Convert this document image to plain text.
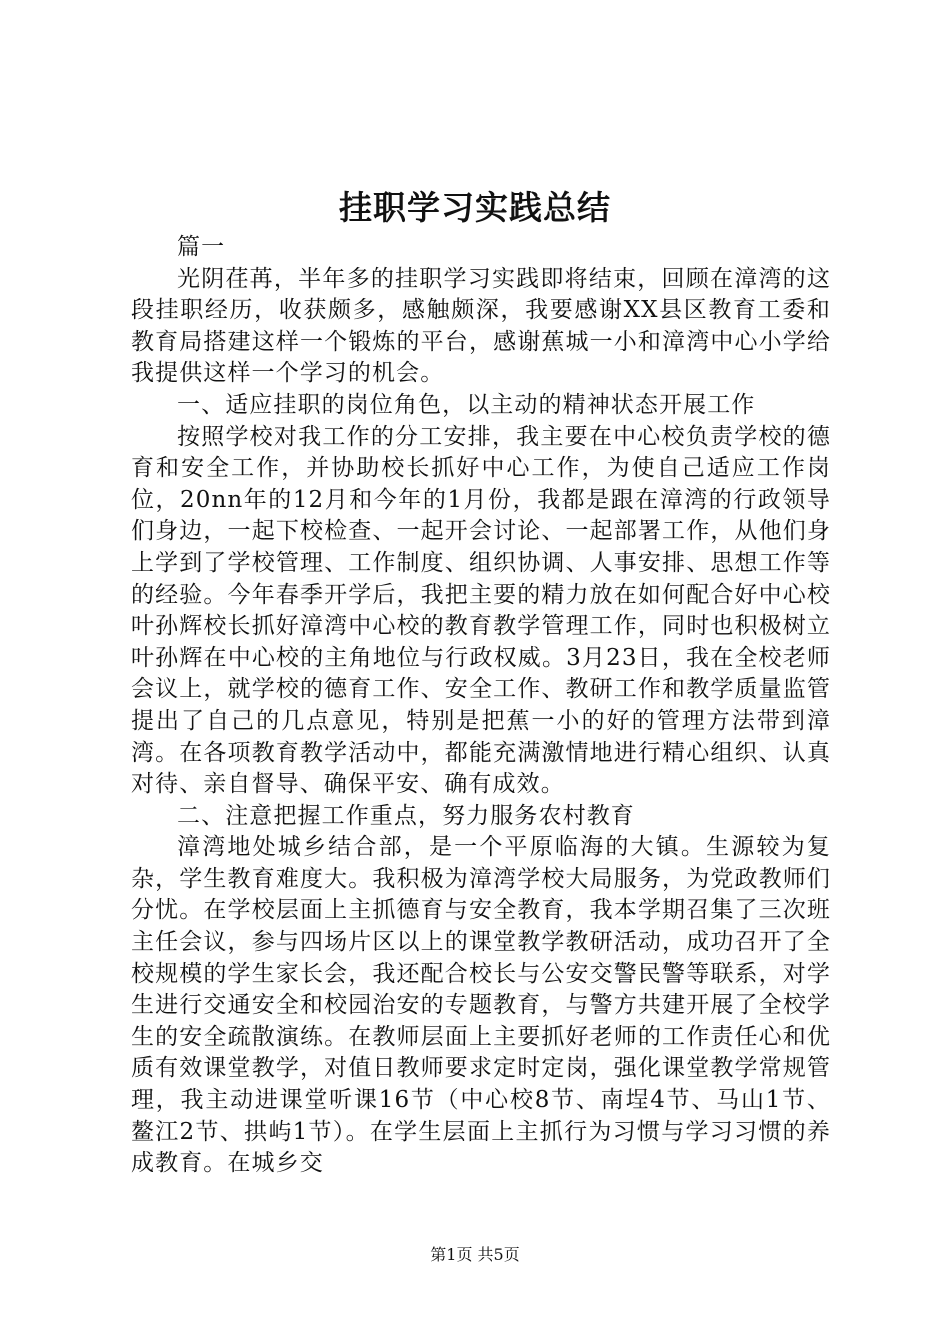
挂职学习实践总结

篇一

光阴荏苒，半年多的挂职学习实践即将结束，回顾在漳湾的这段挂职经历，收获颇多，感触颇深，我要感谢XX县区教育工委和教育局搭建这样一个锻炼的平台，感谢蕉城一小和漳湾中心小学给我提供这样一个学习的机会。

一、适应挂职的岗位角色，以主动的精神状态开展工作

按照学校对我工作的分工安排，我主要在中心校负责学校的德育和安全工作，并协助校长抓好中心工作，为使自己适应工作岗位，20nn年的12月和今年的1月份，我都是跟在漳湾的行政领导们身边，一起下校检查、一起开会讨论、一起部署工作，从他们身上学到了学校管理、工作制度、组织协调、人事安排、思想工作等的经验。今年春季开学后，我把主要的精力放在如何配合好中心校叶孙辉校长抓好漳湾中心校的教育教学管理工作，同时也积极树立叶孙辉在中心校的主角地位与行政权威。3月23日，我在全校老师会议上，就学校的德育工作、安全工作、教研工作和教学质量监管提出了自己的几点意见，特别是把蕉一小的好的管理方法带到漳湾。在各项教育教学活动中，都能充满激情地进行精心组织、认真对待、亲自督导、确保平安、确有成效。

二、注意把握工作重点，努力服务农村教育

漳湾地处城乡结合部，是一个平原临海的大镇。生源较为复杂，学生教育难度大。我积极为漳湾学校大局服务，为党政教师们分忧。在学校层面上主抓德育与安全教育，我本学期召集了三次班主任会议，参与四场片区以上的课堂教学教研活动，成功召开了全校规模的学生家长会，我还配合校长与公安交警民警等联系，对学生进行交通安全和校园治安的专题教育，与警方共建开展了全校学生的安全疏散演练。在教师层面上主要抓好老师的工作责任心和优质有效课堂教学，对值日教师要求定时定岗，强化课堂教学常规管理，我主动进课堂听课16节（中心校8节、南埕4节、马山1节、鳌江2节、拱屿1节）。在学生层面上主抓行为习惯与学习习惯的养成教育。在城乡交

第1页 共5页
